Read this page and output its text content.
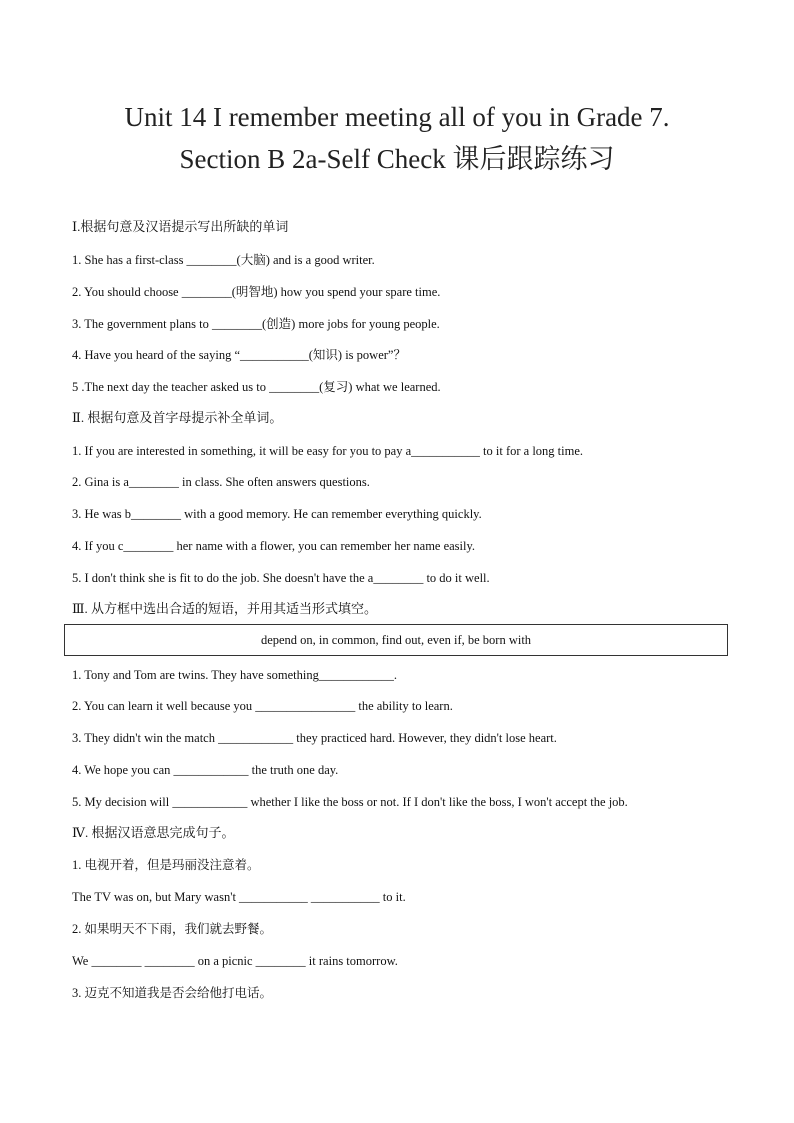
Unit 14 I remember meeting all of you in Grade 7.
Section B 2a-Self Check 课后跟踪练习
Ⅰ.根据句意及汉语提示写出所缺的单词
1. She has a first-class ________(大脑) and is a good writer.
2. You should choose ________(明智地) how you spend your spare time.
3. The government plans to ________(创造) more jobs for young people.
4. Have you heard of the saying “___________(知识) is power”？
5 .The next day the teacher asked us to ________(复习) what we learned.
Ⅱ. 根据句意及首字母提示补全单词。
1. If you are interested in something, it will be easy for you to pay a___________ to it for a long time.
2. Gina is a________ in class. She often answers questions.
3. He was b________ with a good memory. He can remember everything quickly.
4. If you c________ her name with a flower, you can remember her name easily.
5. I don't think she is fit to do the job. She doesn't have the a________ to do it well.
Ⅲ. 从方框中选出合适的短语，并用其适当形式填空。
depend on, in common, find out, even if, be born with
1. Tony and Tom are twins. They have something____________.
2. You can learn it well because you ________________ the ability to learn.
3. They didn't win the match ____________ they practiced hard. However, they didn't lose heart.
4. We hope you can ____________ the truth one day.
5. My decision will ____________ whether I like the boss or not. If I don't like the boss, I won't accept the job.
Ⅳ. 根据汉语意思完成句子。
1. 电视开着，但是玛丽没注意着。
The TV was on, but Mary wasn't ___________ ___________ to it.
2. 如果明天不下雨，我们就去野餐。
We ________ ________ on a picnic ________ it rains tomorrow.
3. 迈克不知道我是否会给他打电话。
